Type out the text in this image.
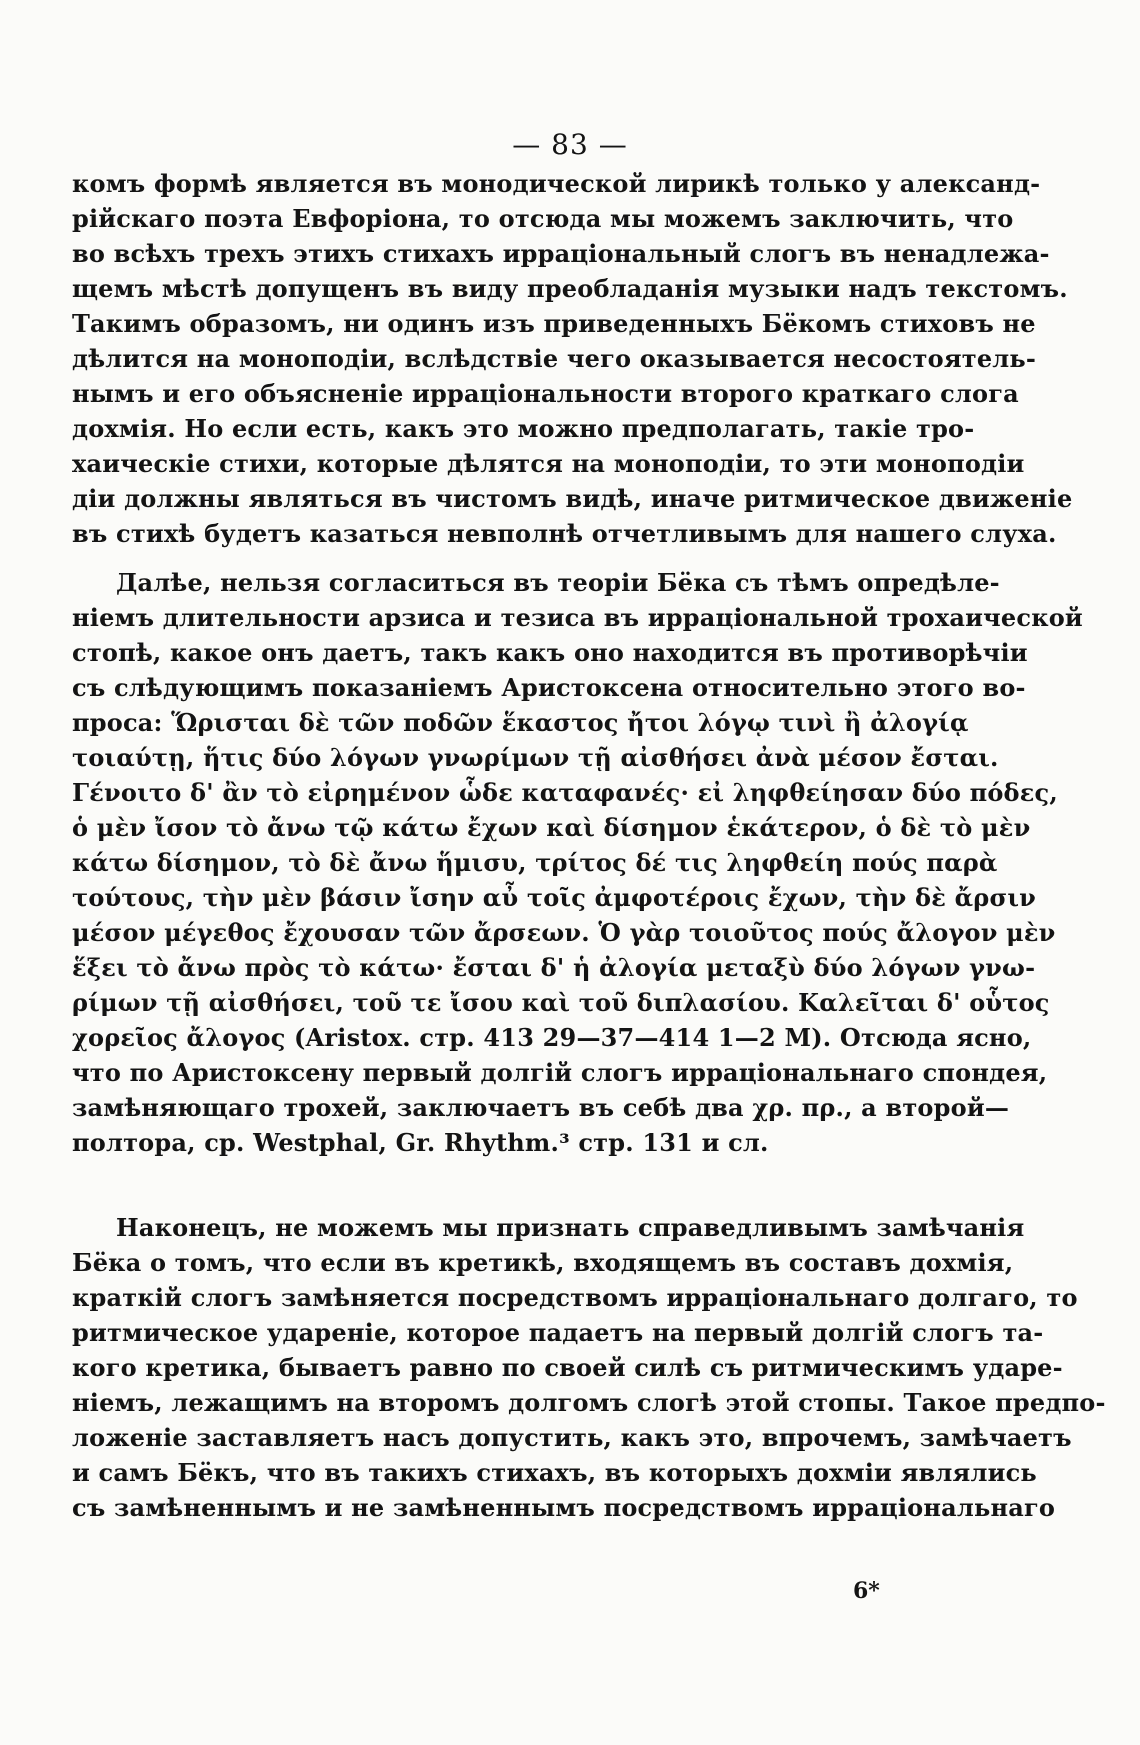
— 83 —
комъ формѣ является въ монодической лирикѣ только у александ-
рійскаго поэта Евфоріона, то отсюда мы можемъ заключить, что
во всѣхъ трехъ этихъ стихахъ ирраціональный слогъ въ ненадлежа-
щемъ мѣстѣ допущенъ въ виду преобладанія музыки надъ текстомъ.
Такимъ образомъ, ни одинъ изъ приведенныхъ Бёкомъ стиховъ не
дѣлится на моноподіи, вслѣдствіе чего оказывается несостоятель-
нымъ и его объясненіе ирраціональности второго краткаго слога
дохмія. Но если есть, какъ это можно предполагать, такіе тро-
хаическіе стихи, которые дѣлятся на моноподіи, то эти моноподіи
діи должны являться въ чистомъ видѣ, иначе ритмическое движеніе
въ стихѣ будетъ казаться невполнѣ отчетливымъ для нашего слуха.
Далѣе, нельзя согласиться въ теоріи Бёка съ тѣмъ опредѣле-
ніемъ длительности арзиса и тезиса въ ирраціональной трохаической
стопѣ, какое онъ даетъ, такъ какъ оно находится въ противорѣчіи
съ слѣдующимъ показаніемъ Аристоксена относительно этого во-
проса: Ὥρισται δὲ τῶν ποδῶν ἕκαστος ἤτοι λόγῳ τινὶ ἢ ἀλογίᾳ
τοιαύτῃ, ἥτις δύο λόγων γνωρίμων τῇ αἰσθήσει ἀνὰ μέσον ἔσται.
Γένοιτο δ' ἂν τὸ εἰρημένον ὧδε καταφανές· εἰ ληφθείησαν δύο πόδες,
ὁ μὲν ἴσον τὸ ἄνω τῷ κάτω ἔχων καὶ δίσημον ἑκάτερον, ὁ δὲ τὸ μὲν
κάτω δίσημον, τὸ δὲ ἄνω ἥμισυ, τρίτος δέ τις ληφθείη πούς παρὰ
τούτους, τὴν μὲν βάσιν ἴσην αὖ τοῖς ἀμφοτέροις ἔχων, τὴν δὲ ἄρσιν
μέσον μέγεθος ἔχουσαν τῶν ἄρσεων. Ὁ γὰρ τοιοῦτος πούς ἄλογον μὲν
ἕξει τὸ ἄνω πρὸς τὸ κάτω· ἔσται δ' ἡ ἀλογία μεταξὺ δύο λόγων γνω-
ρίμων τῇ αἰσθήσει, τοῦ τε ἴσου καὶ τοῦ διπλασίου. Καλεῖται δ' οὗτος
χορεῖος ἄλογος (Aristox. стр. 413 29—37—414 1—2 M). Отсюда ясно,
что по Аристоксену первый долгій слогъ ирраціональнаго спондея,
замѣняющаго трохей, заключаетъ въ себѣ два χρ. πρ., а второй—
полтора, ср. Westphal, Gr. Rhythm.³ стр. 131 и сл.
Наконецъ, не можемъ мы признать справедливымъ замѣчанія
Бёка о томъ, что если въ кретикѣ, входящемъ въ составъ дохмія,
краткій слогъ замѣняется посредствомъ ирраціональнаго долгаго, то
ритмическое удареніе, которое падаетъ на первый долгій слогъ та-
кого кретика, бываетъ равно по своей силѣ съ ритмическимъ ударе-
ніемъ, лежащимъ на второмъ долгомъ слогѣ этой стопы. Такое предпо-
ложеніе заставляетъ насъ допустить, какъ это, впрочемъ, замѣчаетъ
и самъ Бёкъ, что въ такихъ стихахъ, въ которыхъ дохміи являлись
съ замѣненнымъ и не замѣненнымъ посредствомъ ирраціональнаго
6*
